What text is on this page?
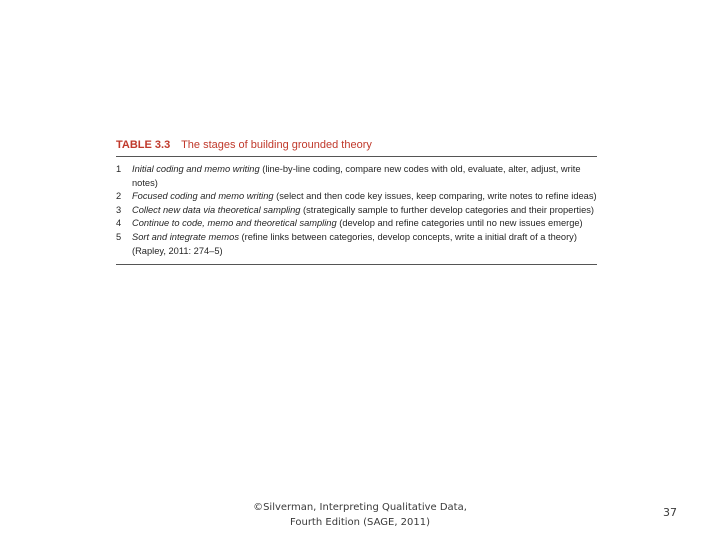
TABLE 3.3 The stages of building grounded theory
1	Initial coding and memo writing (line-by-line coding, compare new codes with old, evaluate, alter, adjust, write notes)
2	Focused coding and memo writing (select and then code key issues, keep comparing, write notes to refine ideas)
3	Collect new data via theoretical sampling (strategically sample to further develop categories and their properties)
4	Continue to code, memo and theoretical sampling (develop and refine categories until no new issues emerge)
5	Sort and integrate memos (refine links between categories, develop concepts, write a initial draft of a theory) (Rapley, 2011: 274–5)
©Silverman, Interpreting Qualitative Data,
Fourth Edition (SAGE, 2011)
37
